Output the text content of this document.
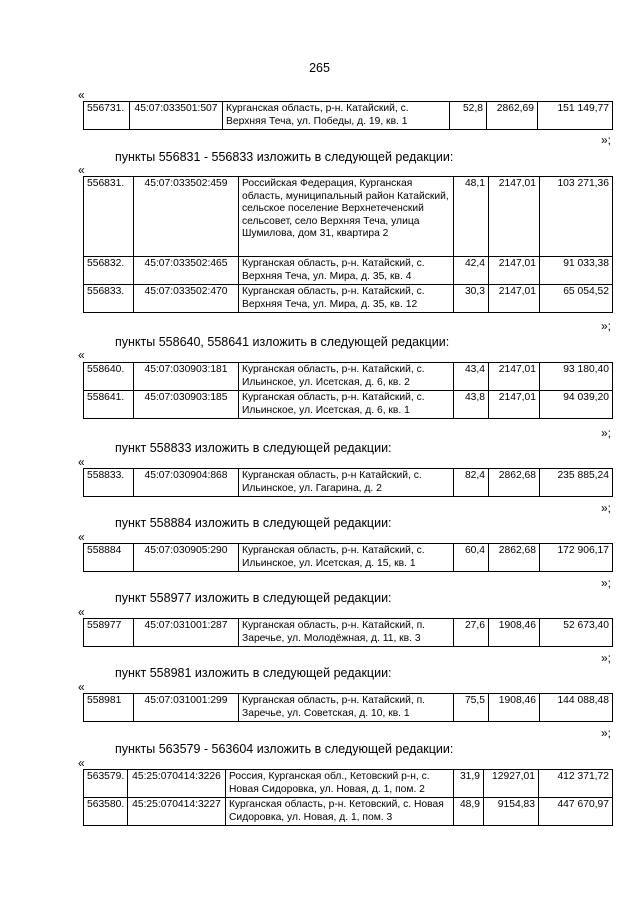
265
«
556731.	45:07:033501:507	Курганская область, р-н. Катайский, с. Верхняя Теча, ул. Победы, д. 19, кв. 1	52,8	2862,69	151 149,77
»;
пункты 556831 - 556833 изложить в следующей редакции:
«
556831.	45:07:033502:459	Российская Федерация, Курганская область, муниципальный район Катайский, сельское поселение Верхнетеченский сельсовет, село Верхняя Теча, улица Шумилова, дом 31, квартира 2	48,1	2147,01	103 271,36
556832.	45:07:033502:465	Курганская область, р-н. Катайский, с. Верхняя Теча, ул. Мира, д. 35, кв. 4	42,4	2147,01	91 033,38
556833.	45:07:033502:470	Курганская область, р-н. Катайский, с. Верхняя Теча, ул. Мира, д. 35, кв. 12	30,3	2147,01	65 054,52
»;
пункты 558640, 558641 изложить в следующей редакции:
«
558640.	45:07:030903:181	Курганская область, р-н. Катайский, с. Ильинское, ул. Исетская, д. 6, кв. 2	43,4	2147,01	93 180,40
558641.	45:07:030903:185	Курганская область, р-н. Катайский, с. Ильинское, ул. Исетская, д. 6, кв. 1	43,8	2147,01	94 039,20
»;
пункт 558833 изложить в следующей редакции:
«
558833.	45:07:030904:868	Курганская область, р-н Катайский, с. Ильинское, ул. Гагарина, д. 2	82,4	2862,68	235 885,24
»;
пункт 558884 изложить в следующей редакции:
«
558884	45:07:030905:290	Курганская область, р-н. Катайский, с. Ильинское, ул. Исетская, д. 15, кв. 1	60,4	2862,68	172 906,17
»;
пункт 558977 изложить в следующей редакции:
«
558977	45:07:031001:287	Курганская область, р-н. Катайский, п. Заречье, ул. Молодёжная, д. 11, кв. 3	27,6	1908,46	52 673,40
»;
пункт 558981 изложить в следующей редакции:
«
558981	45:07:031001:299	Курганская область, р-н. Катайский, п. Заречье, ул. Советская, д. 10, кв. 1	75,5	1908,46	144 088,48
»;
пункты 563579 - 563604 изложить в следующей редакции:
«
563579.	45:25:070414:3226	Россия, Курганская обл., Кетовский р-н, с. Новая Сидоровка, ул. Новая, д. 1, пом. 2	31,9	12927,01	412 371,72
563580.	45:25:070414:3227	Курганская область, р-н. Кетовский, с. Новая Сидоровка, ул. Новая, д. 1, пом. 3	48,9	9154,83	447 670,97
